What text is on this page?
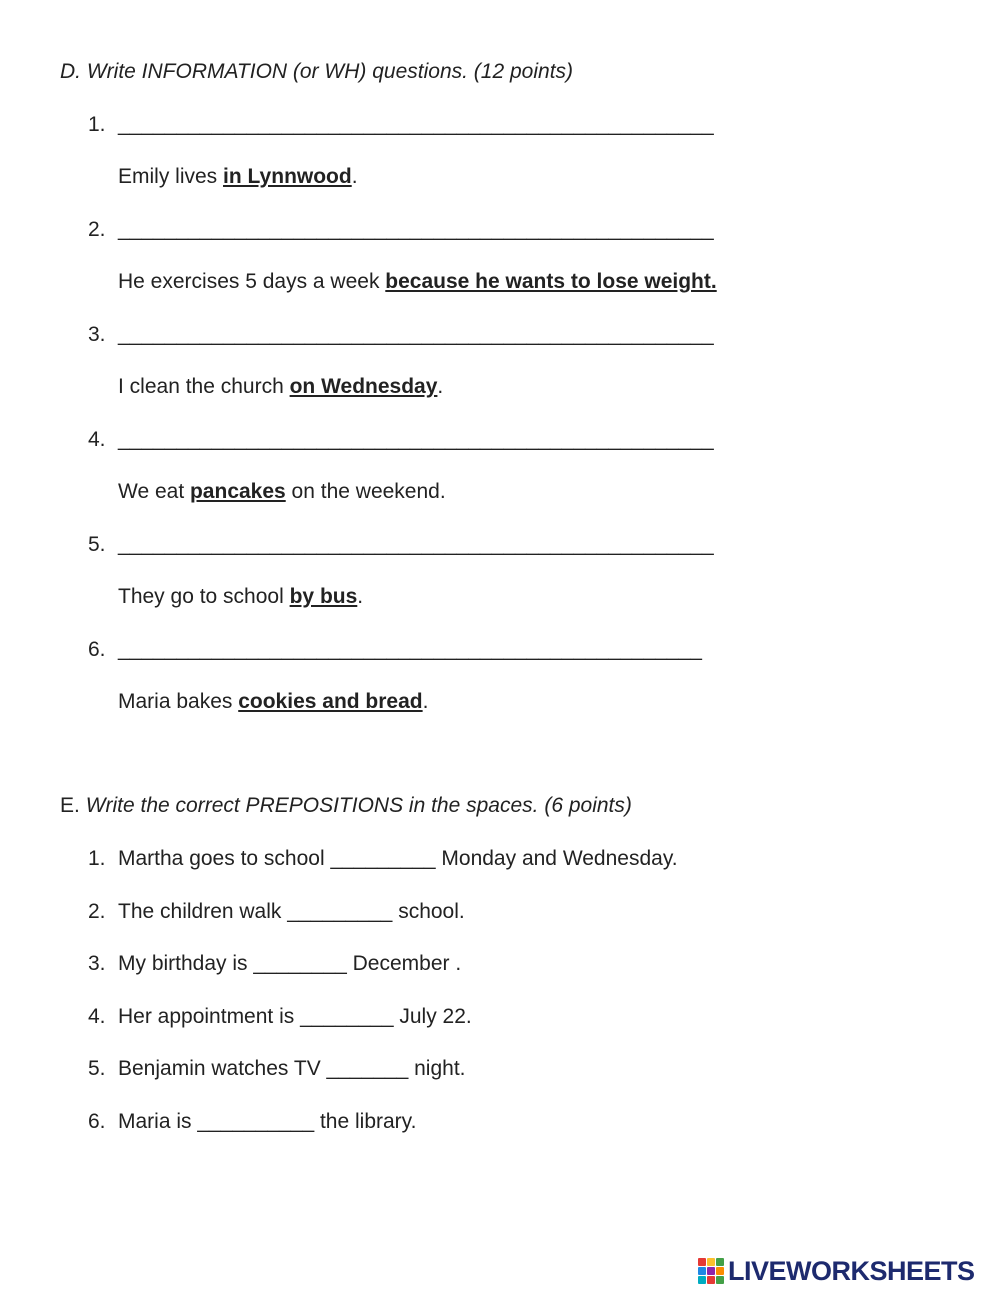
D. Write INFORMATION (or WH) questions. (12 points)
1. ___________________________________________________
Emily lives in Lynnwood.
2. ___________________________________________________
He exercises 5 days a week because he wants to lose weight.
3. ___________________________________________________
I clean the church on Wednesday.
4. ___________________________________________________
We eat pancakes on the weekend.
5. ___________________________________________________
They go to school by bus.
6. __________________________________________________
Maria bakes cookies and bread.
E. Write the correct PREPOSITIONS in the spaces. (6 points)
1. Martha goes to school _________ Monday and Wednesday.
2. The children walk _________ school.
3. My birthday is ________ December .
4. Her appointment is ________ July 22.
5. Benjamin watches TV _______ night.
6. Maria is __________ the library.
LIVEWORKSHEETS
